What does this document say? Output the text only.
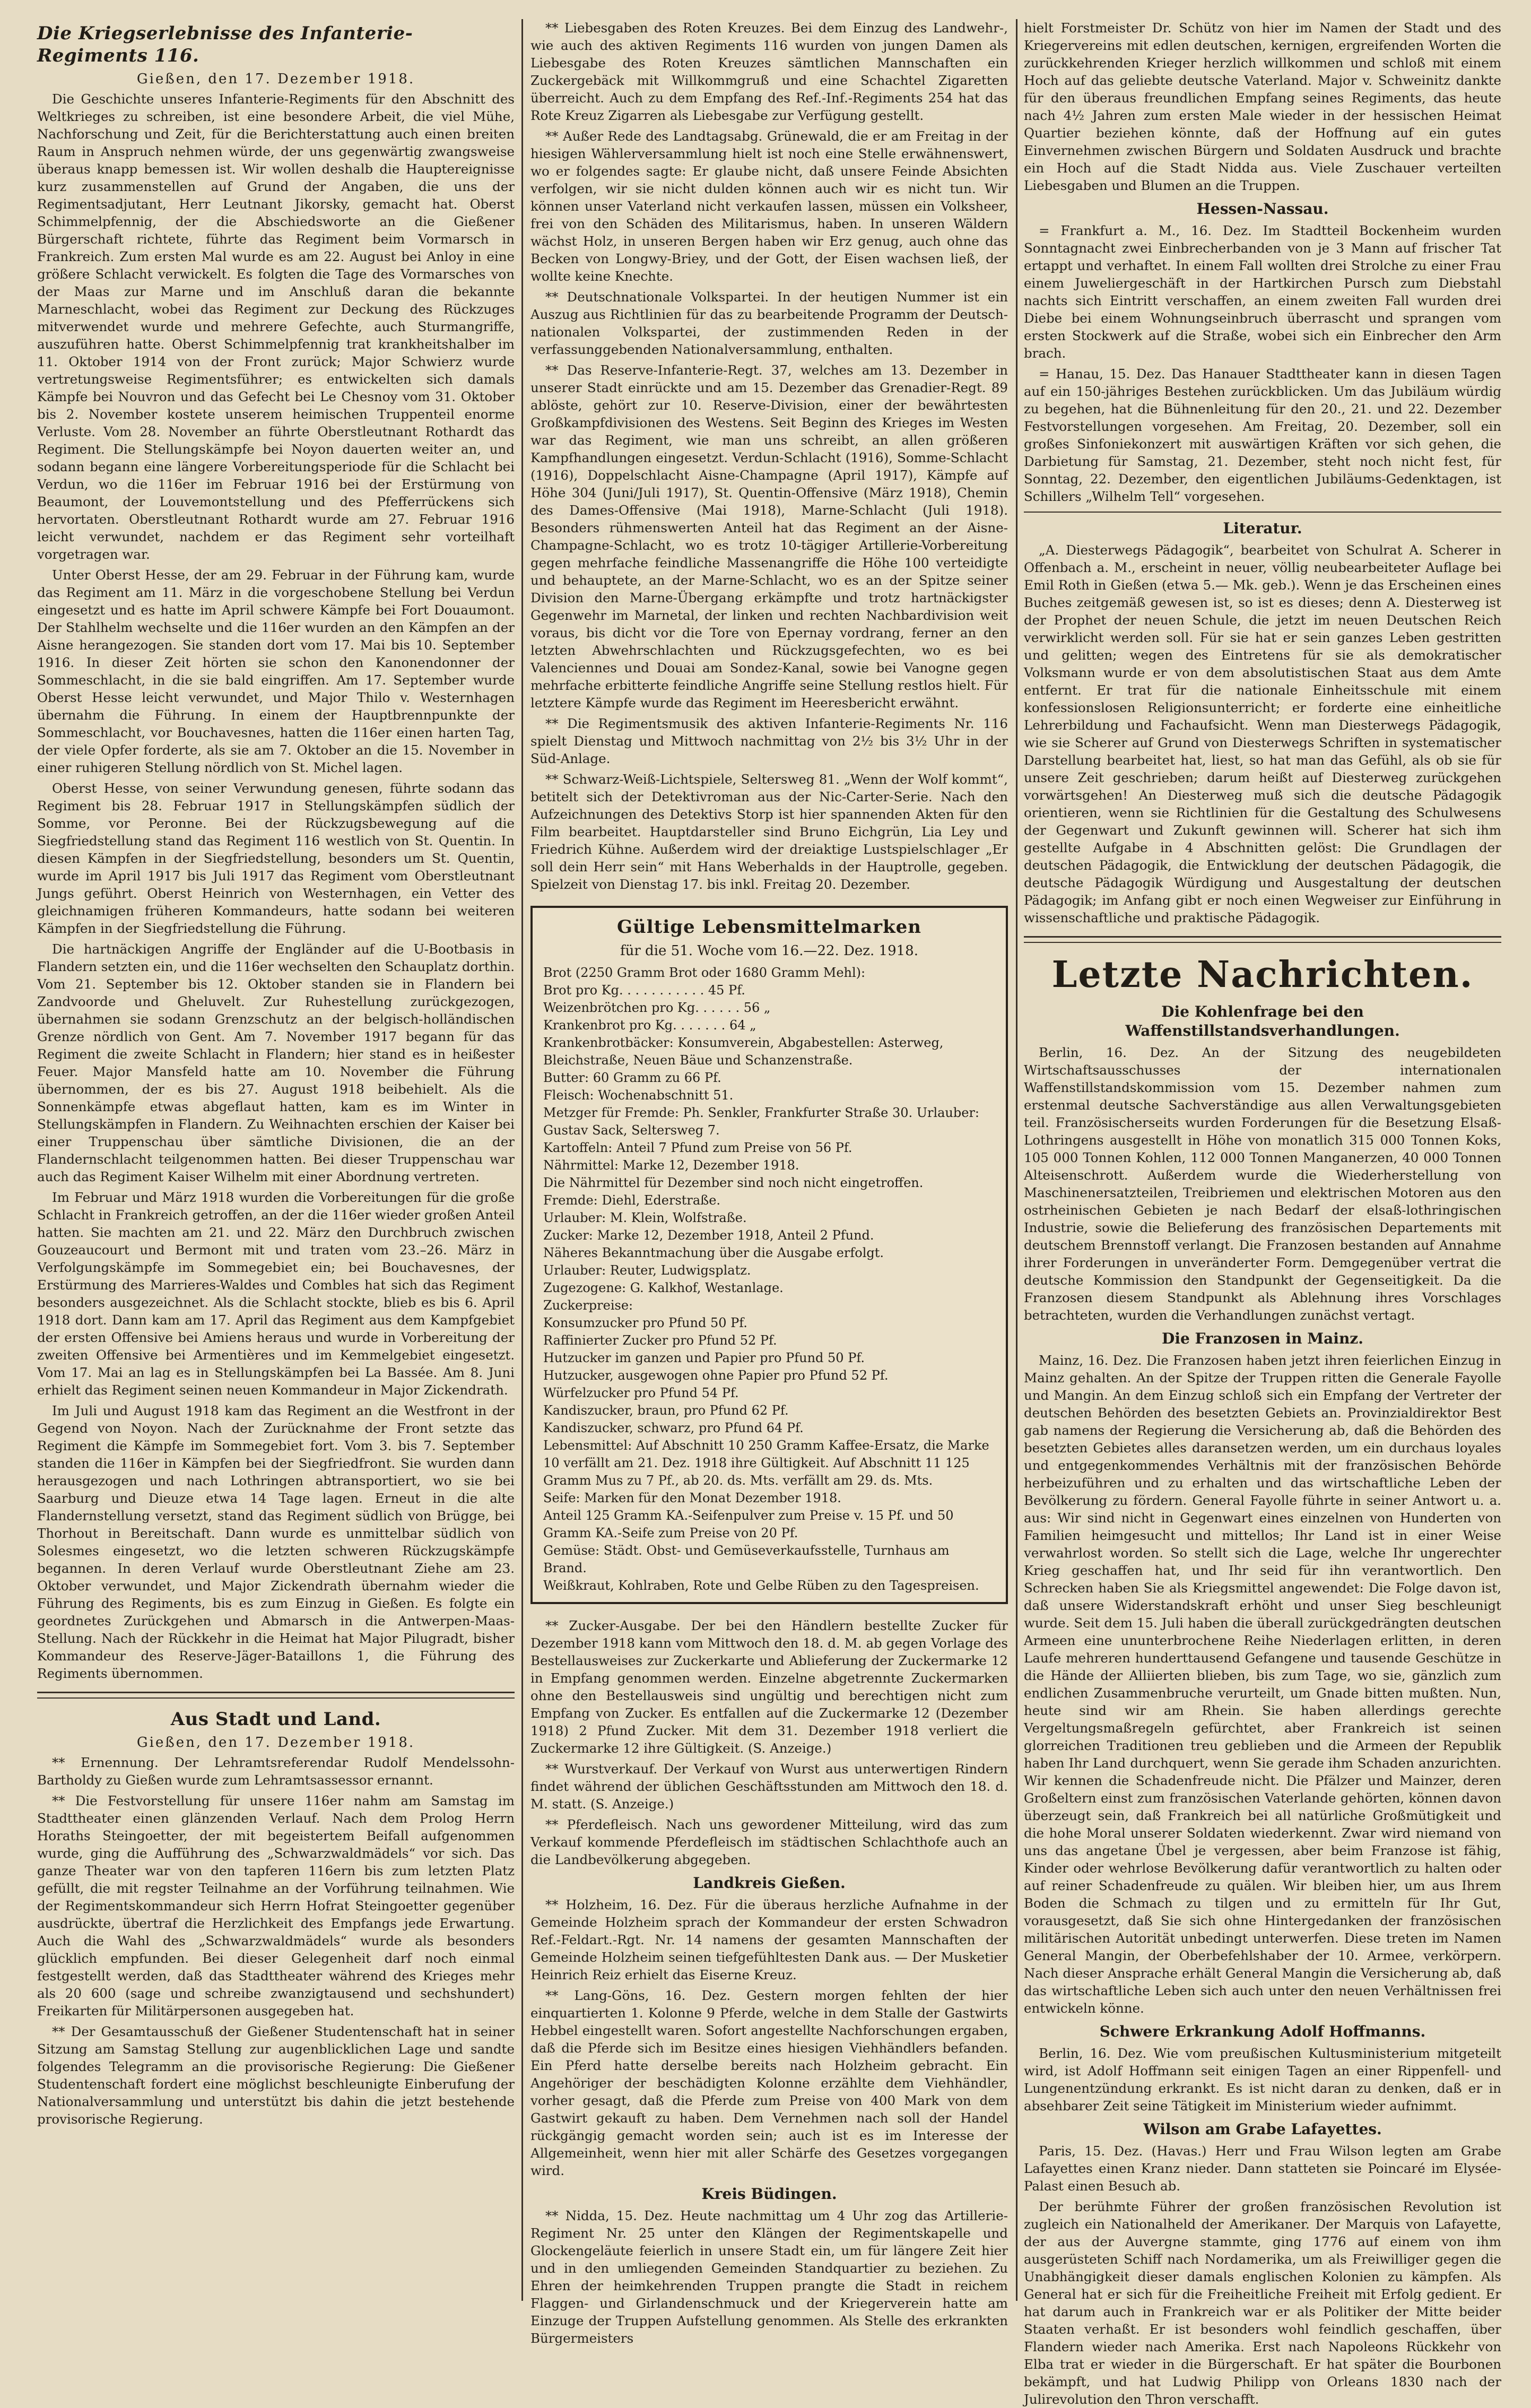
Die Kriegserlebnisse des Infanterie-Regiments 116.
Gießen, den 17. Dezember 1918.

Die Geschichte unseres Infanterie-Regiments für den Abschnitt des Weltkrieges zu schreiben, ist eine besondere Arbeit, die viel Mühe, Nachforschung und Zeit, für die Berichterstattung auch einen breiten Raum in Anspruch nehmen würde, der uns gegenwärtig zwangsweise überaus knapp bemessen ist. Wir wollen deshalb die Hauptereignisse kurz zusammenstellen auf Grund der Angaben, die uns der Regimentsadjutant, Herr Leutnant Jikorsky, gemacht hat. Oberst Schimmelpfennig, der die Abschiedsworte an die Gießener Bürgerschaft richtete, führte das Regiment beim Vormarsch in Frankreich. Zum ersten Mal wurde es am 22. August bei Anloy in eine größere Schlacht verwickelt. Es folgten die Tage des Vormarsches von der Maas zur Marne und im Anschluß daran die bekannte Marneschlacht, wobei das Regiment zur Deckung des Rückzuges mitverwendet wurde und mehrere Gefechte, auch Sturmangriffe, auszuführen hatte. Oberst Schimmelpfennig trat krankheitshalber im 11. Oktober 1914 von der Front zurück; Major Schwierz wurde vertretungsweise Regimentsführer; es entwickelten sich damals Kämpfe bei Nouvron und das Gefecht bei Le Chesnoy vom 31. Oktober bis 2. November kostete unserem heimischen Truppenteil enorme Verluste. Vom 28. November an führte Oberstleutnant Rothardt das Regiment. Die Stellungskämpfe bei Noyon dauerten weiter an, und sodann begann eine längere Vorbereitungsperiode für die Schlacht bei Verdun, wo die 116er im Februar 1916 bei der Erstürmung von Beaumont, der Louvemontstellung und des Pfefferrückens sich hervortaten. Oberstleutnant Rothardt wurde am 27. Februar 1916 leicht verwundet, nachdem er das Regiment sehr vorteilhaft vorgetragen war.

Unter Oberst Hesse, der am 29. Februar in der Führung kam, wurde das Regiment am 11. März in die vorgeschobene Stellung bei Verdun eingesetzt und es hatte im April schwere Kämpfe bei Fort Douaumont. Der Stahlhelm wechselte und die 116er wurden an den Kämpfen an der Aisne herangezogen. Sie standen dort vom 17. Mai bis 10. September 1916. In dieser Zeit hörten sie schon den Kanonendonner der Sommeschlacht, in die sie bald eingriffen. Am 17. September wurde Oberst Hesse leicht verwundet, und Major Thilo v. Westernhagen übernahm die Führung. In einem der Hauptbrennpunkte der Sommeschlacht, vor Bouchavesnes, hatten die 116er einen harten Tag, der viele Opfer forderte, als sie am 7. Oktober an die 15. November in einer ruhigeren Stellung nördlich von St. Michel lagen.

Oberst Hesse, von seiner Verwundung genesen, führte sodann das Regiment bis 28. Februar 1917 in Stellungskämpfen südlich der Somme, vor Peronne. Bei der Rückzugsbewegung auf die Siegfriedstellung stand das Regiment 116 westlich von St. Quentin. In diesen Kämpfen in der Siegfriedstellung, besonders um St. Quentin, wurde im April 1917 bis Juli 1917 das Regiment vom Oberstleutnant Jungs geführt. Oberst Heinrich von Westernhagen, ein Vetter des gleichnamigen früheren Kommandeurs, hatte sodann bei weiteren Kämpfen in der Siegfriedstellung die Führung.

Die hartnäckigen Angriffe der Engländer auf die U-Bootbasis in Flandern setzten ein, und die 116er wechselten den Schauplatz dorthin. Vom 21. September bis 12. Oktober standen sie in Flandern bei Zandvoorde und Gheluvelt. Zur Ruhestellung zurückgezogen, übernahmen sie sodann Grenzschutz an der belgisch-holländischen Grenze nördlich von Gent. Am 7. November 1917 begann für das Regiment die zweite Schlacht in Flandern; hier stand es in heißester Feuer. Major Mansfeld hatte am 10. November die Führung übernommen, der es bis 27. August 1918 beibehielt. Als die Sonnenkämpfe etwas abgeflaut hatten, kam es im Winter in Stellungskämpfen in Flandern. Zu Weihnachten erschien der Kaiser bei einer Truppenschau über sämtliche Divisionen, die an der Flandernschlacht teilgenommen hatten. Bei dieser Truppenschau war auch das Regiment Kaiser Wilhelm mit einer Abordnung vertreten.

Im Februar und März 1918 wurden die Vorbereitungen für die große Schlacht in Frankreich getroffen, an der die 116er wieder großen Anteil hatten. Sie machten am 21. und 22. März den Durchbruch zwischen Gouzeaucourt und Bermont mit und traten vom 23.–26. März in Verfolgungskämpfe im Sommegebiet ein; bei Bouchavesnes, der Erstürmung des Marrieres-Waldes und Combles hat sich das Regiment besonders ausgezeichnet. Als die Schlacht stockte, blieb es bis 6. April 1918 dort. Dann kam am 17. April das Regiment aus dem Kampfgebiet der ersten Offensive bei Amiens heraus und wurde in Vorbereitung der zweiten Offensive bei Armentières und im Kemmelgebiet eingesetzt. Vom 17. Mai an lag es in Stellungskämpfen bei La Bassée. Am 8. Juni erhielt das Regiment seinen neuen Kommandeur in Major Zickendrath.

Im Juli und August 1918 kam das Regiment an die Westfront in der Gegend von Noyon. Nach der Zurücknahme der Front setzte das Regiment die Kämpfe im Sommegebiet fort. Vom 3. bis 7. September standen die 116er in Kämpfen bei der Siegfriedfront. Sie wurden dann herausgezogen und nach Lothringen abtransportiert, wo sie bei Saarburg und Dieuze etwa 14 Tage lagen. Erneut in die alte Flandernstellung versetzt, stand das Regiment südlich von Brügge, bei Thorhout in Bereitschaft. Dann wurde es unmittelbar südlich von Solesmes eingesetzt, wo die letzten schweren Rückzugskämpfe begannen. In deren Verlauf wurde Oberstleutnant Ziehe am 23. Oktober verwundet, und Major Zickendrath übernahm wieder die Führung des Regiments, bis es zum Einzug in Gießen. Es folgte ein geordnetes Zurückgehen und Abmarsch in die Antwerpen-Maas-Stellung. Nach der Rückkehr in die Heimat hat Major Pilugradt, bisher Kommandeur des Reserve-Jäger-Bataillons 1, die Führung des Regiments übernommen.

Aus Stadt und Land.
Gießen, den 17. Dezember 1918.

** Ernennung. Der Lehramtsreferendar Rudolf Mendelssohn-Bartholdy zu Gießen wurde zum Lehramtsassessor ernannt.

** Die Festvorstellung für unsere 116er nahm am Samstag im Stadttheater einen glänzenden Verlauf. Nach dem Prolog Herrn Horaths Steingoetter, der mit begeistertem Beifall aufgenommen wurde, ging die Aufführung des „Schwarzwaldmädels“ vor sich. Das ganze Theater war von den tapferen 116ern bis zum letzten Platz gefüllt, die mit regster Teilnahme an der Vorführung teilnahmen. Wie der Regimentskommandeur sich Herrn Hofrat Steingoetter gegenüber ausdrückte, übertraf die Herzlichkeit des Empfangs jede Erwartung. Auch die Wahl des „Schwarzwaldmädels“ wurde als besonders glücklich empfunden. Bei dieser Gelegenheit darf noch einmal festgestellt werden, daß das Stadttheater während des Krieges mehr als 20 600 (sage und schreibe zwanzigtausend und sechshundert) Freikarten für Militärpersonen ausgegeben hat.

** Der Gesamtausschuß der Gießener Studentenschaft hat in seiner Sitzung am Samstag Stellung zur augenblicklichen Lage und sandte folgendes Telegramm an die provisorische Regierung: Die Gießener Studentenschaft fordert eine möglichst beschleunigte Einberufung der Nationalversammlung und unterstützt bis dahin die jetzt bestehende provisorische Regierung.

** Liebesgaben des Roten Kreuzes. Bei dem Einzug des Landwehr-, wie auch des aktiven Regiments 116 wurden von jungen Damen als Liebesgabe des Roten Kreuzes sämtlichen Mannschaften ein Zuckergebäck mit Willkommgruß und eine Schachtel Zigaretten überreicht. Auch zu dem Empfang des Ref.-Inf.-Regiments 254 hat das Rote Kreuz Zigarren als Liebesgabe zur Verfügung gestellt.

** Außer Rede des Landtagsabg. Grünewald, die er am Freitag in der hiesigen Wählerversammlung hielt ist noch eine Stelle erwähnenswert, wo er folgendes sagte: Er glaube nicht, daß unsere Feinde Absichten verfolgen, wir sie nicht dulden können auch wir es nicht tun. Wir können unser Vaterland nicht verkaufen lassen, müssen ein Volksheer, frei von den Schäden des Militarismus, haben. In unseren Wäldern wächst Holz, in unseren Bergen haben wir Erz genug, auch ohne das Becken von Longwy-Briey, und der Gott, der Eisen wachsen ließ, der wollte keine Knechte.

** Deutschnationale Volkspartei. In der heutigen Nummer ist ein Auszug aus Richtlinien für das zu bearbeitende Programm der Deutsch-nationalen Volkspartei, der zustimmenden Reden in der verfassunggebenden Nationalversammlung, enthalten.

** Das Reserve-Infanterie-Regt. 37, welches am 13. Dezember in unserer Stadt einrückte und am 15. Dezember das Grenadier-Regt. 89 ablöste, gehört zur 10. Reserve-Division, einer der bewährtesten Großkampfdivisionen des Westens. Seit Beginn des Krieges im Westen war das Regiment, wie man uns schreibt, an allen größeren Kampfhandlungen eingesetzt. Verdun-Schlacht (1916), Somme-Schlacht (1916), Doppelschlacht Aisne-Champagne (April 1917), Kämpfe auf Höhe 304 (Juni/Juli 1917), St. Quentin-Offensive (März 1918), Chemin des Dames-Offensive (Mai 1918), Marne-Schlacht (Juli 1918). Besonders rühmenswerten Anteil hat das Regiment an der Aisne-Champagne-Schlacht, wo es trotz 10-tägiger Artillerie-Vorbereitung gegen mehrfache feindliche Massenangriffe die Höhe 100 verteidigte und behauptete, an der Marne-Schlacht, wo es an der Spitze seiner Division den Marne-Übergang erkämpfte und trotz hartnäckigster Gegenwehr im Marnetal, der linken und rechten Nachbardivision weit voraus, bis dicht vor die Tore von Epernay vordrang, ferner an den letzten Abwehrschlachten und Rückzugsgefechten, wo es bei Valenciennes und Douai am Sondez-Kanal, sowie bei Vanogne gegen mehrfache erbitterte feindliche Angriffe seine Stellung restlos hielt. Für letztere Kämpfe wurde das Regiment im Heeresbericht erwähnt.

** Die Regimentsmusik des aktiven Infanterie-Regiments Nr. 116 spielt Dienstag und Mittwoch nachmittag von 2½ bis 3½ Uhr in der Süd-Anlage.

** Schwarz-Weiß-Lichtspiele, Seltersweg 81. „Wenn der Wolf kommt“, betitelt sich der Detektivroman aus der Nic-Carter-Serie. Nach den Aufzeichnungen des Detektivs Storp ist hier spannenden Akten für den Film bearbeitet. Hauptdarsteller sind Bruno Eichgrün, Lia Ley und Friedrich Kühne. Außerdem wird der dreiaktige Lustspielschlager „Er soll dein Herr sein“ mit Hans Weberhalds in der Hauptrolle, gegeben. Spielzeit von Dienstag 17. bis inkl. Freitag 20. Dezember.

Gültige Lebensmittelmarken
für die 51. Woche vom 16.—22. Dez. 1918.
Brot (2250 Gramm Brot oder 1680 Gramm Mehl):
Brot pro Kg. . . . . . . . . . . 45 Pf.
Weizenbrötchen pro Kg. . . . . . 56 „
Krankenbrot pro Kg. . . . . . . 64 „
Krankenbrotbäcker: Konsumverein, Abgabestellen: Asterweg, Bleichstraße, Neuen Bäue und Schanzenstraße.
Butter: 60 Gramm zu 66 Pf.
Fleisch: Wochenabschnitt 51.
Metzger für Fremde: Ph. Senkler, Frankfurter Straße 30. Urlauber: Gustav Sack, Seltersweg 7.
Kartoffeln: Anteil 7 Pfund zum Preise von 56 Pf.
Nährmittel: Marke 12, Dezember 1918.
Die Nährmittel für Dezember sind noch nicht eingetroffen.
Fremde: Diehl, Ederstraße.
Urlauber: M. Klein, Wolfstraße.
Zucker: Marke 12, Dezember 1918, Anteil 2 Pfund.
Näheres Bekanntmachung über die Ausgabe erfolgt.
Urlauber: Reuter, Ludwigsplatz.
Zugezogene: G. Kalkhof, Westanlage.
Zuckerpreise:
Konsumzucker pro Pfund 50 Pf.
Raffinierter Zucker pro Pfund 52 Pf.
Hutzucker im ganzen und Papier pro Pfund 50 Pf.
Hutzucker, ausgewogen ohne Papier pro Pfund 52 Pf.
Würfelzucker pro Pfund 54 Pf.
Kandiszucker, braun, pro Pfund 62 Pf.
Kandiszucker, schwarz, pro Pfund 64 Pf.
Lebensmittel: Auf Abschnitt 10 250 Gramm Kaffee-Ersatz, die Marke 10 verfällt am 21. Dez. 1918 ihre Gültigkeit. Auf Abschnitt 11 125 Gramm Mus zu 7 Pf., ab 20. ds. Mts. verfällt am 29. ds. Mts.
Seife: Marken für den Monat Dezember 1918.
Anteil 125 Gramm KA.-Seifenpulver zum Preise v. 15 Pf. und 50 Gramm KA.-Seife zum Preise von 20 Pf.
Gemüse: Städt. Obst- und Gemüseverkaufsstelle, Turnhaus am Brand.
Weißkraut, Kohlraben, Rote und Gelbe Rüben zu den Tagespreisen.

** Zucker-Ausgabe. Der bei den Händlern bestellte Zucker für Dezember 1918 kann vom Mittwoch den 18. d. M. ab gegen Vorlage des Bestellausweises zur Zuckerkarte und Ablieferung der Zuckermarke 12 in Empfang genommen werden. Einzelne abgetrennte Zuckermarken ohne den Bestellausweis sind ungültig und berechtigen nicht zum Empfang von Zucker. Es entfallen auf die Zuckermarke 12 (Dezember 1918) 2 Pfund Zucker. Mit dem 31. Dezember 1918 verliert die Zuckermarke 12 ihre Gültigkeit. (S. Anzeige.)

** Wurstverkauf. Der Verkauf von Wurst aus unterwertigen Rindern findet während der üblichen Geschäftsstunden am Mittwoch den 18. d. M. statt. (S. Anzeige.)

** Pferdefleisch. Nach uns gewordener Mitteilung, wird das zum Verkauf kommende Pferdefleisch im städtischen Schlachthofe auch an die Landbevölkerung abgegeben.

Landkreis Gießen.

** Holzheim, 16. Dez. Für die überaus herzliche Aufnahme in der Gemeinde Holzheim sprach der Kommandeur der ersten Schwadron Ref.-Feldart.-Rgt. Nr. 14 namens der gesamten Mannschaften der Gemeinde Holzheim seinen tiefgefühltesten Dank aus. — Der Musketier Heinrich Reiz erhielt das Eiserne Kreuz.

** Lang-Göns, 16. Dez. Gestern morgen fehlten der hier einquartierten 1. Kolonne 9 Pferde, welche in dem Stalle der Gastwirts Hebbel eingestellt waren. Sofort angestellte Nachforschungen ergaben, daß die Pferde sich im Besitze eines hiesigen Viehhändlers befanden. Ein Pferd hatte derselbe bereits nach Holzheim gebracht. Ein Angehöriger der beschädigten Kolonne erzählte dem Viehhändler, vorher gesagt, daß die Pferde zum Preise von 400 Mark von dem Gastwirt gekauft zu haben. Dem Vernehmen nach soll der Handel rückgängig gemacht worden sein; auch ist es im Interesse der Allgemeinheit, wenn hier mit aller Schärfe des Gesetzes vorgegangen wird.

Kreis Büdingen.

** Nidda, 15. Dez. Heute nachmittag um 4 Uhr zog das Artillerie-Regiment Nr. 25 unter den Klängen der Regimentskapelle und Glockengeläute feierlich in unsere Stadt ein, um für längere Zeit hier und in den umliegenden Gemeinden Standquartier zu beziehen. Zu Ehren der heimkehrenden Truppen prangte die Stadt in reichem Flaggen- und Girlandenschmuck und der Kriegerverein hatte am Einzuge der Truppen Aufstellung genommen. Als Stelle des erkrankten Bürgermeisters

hielt Forstmeister Dr. Schütz von hier im Namen der Stadt und des Kriegervereins mit edlen deutschen, kernigen, ergreifenden Worten die zurückkehrenden Krieger herzlich willkommen und schloß mit einem Hoch auf das geliebte deutsche Vaterland. Major v. Schweinitz dankte für den überaus freundlichen Empfang seines Regiments, das heute nach 4½ Jahren zum ersten Male wieder in der hessischen Heimat Quartier beziehen könnte, daß der Hoffnung auf ein gutes Einvernehmen zwischen Bürgern und Soldaten Ausdruck und brachte ein Hoch auf die Stadt Nidda aus. Viele Zuschauer verteilten Liebesgaben und Blumen an die Truppen.

Hessen-Nassau.

= Frankfurt a. M., 16. Dez. Im Stadtteil Bockenheim wurden Sonntagnacht zwei Einbrecherbanden von je 3 Mann auf frischer Tat ertappt und verhaftet. In einem Fall wollten drei Strolche zu einer Frau einem Juweliergeschäft in der Hartkirchen Pursch zum Diebstahl nachts sich Eintritt verschaffen, an einem zweiten Fall wurden drei Diebe bei einem Wohnungseinbruch überrascht und sprangen vom ersten Stockwerk auf die Straße, wobei sich ein Einbrecher den Arm brach.

= Hanau, 15. Dez. Das Hanauer Stadttheater kann in diesen Tagen auf ein 150-jähriges Bestehen zurückblicken. Um das Jubiläum würdig zu begehen, hat die Bühnenleitung für den 20., 21. und 22. Dezember Festvorstellungen vorgesehen. Am Freitag, 20. Dezember, soll ein großes Sinfoniekonzert mit auswärtigen Kräften vor sich gehen, die Darbietung für Samstag, 21. Dezember, steht noch nicht fest, für Sonntag, 22. Dezember, den eigentlichen Jubiläums-Gedenktagen, ist Schillers „Wilhelm Tell“ vorgesehen.

Literatur.

„A. Diesterwegs Pädagogik“, bearbeitet von Schulrat A. Scherer in Offenbach a. M., erscheint in neuer, völlig neubearbeiteter Auflage bei Emil Roth in Gießen (etwa 5.— Mk. geb.). Wenn je das Erscheinen eines Buches zeitgemäß gewesen ist, so ist es dieses; denn A. Diesterweg ist der Prophet der neuen Schule, die jetzt im neuen Deutschen Reich verwirklicht werden soll. Für sie hat er sein ganzes Leben gestritten und gelitten; wegen des Eintretens für sie als demokratischer Volksmann wurde er von dem absolutistischen Staat aus dem Amte entfernt. Er trat für die nationale Einheitsschule mit einem konfessionslosen Religionsunterricht; er forderte eine einheitliche Lehrerbildung und Fachaufsicht. Wenn man Diesterwegs Pädagogik, wie sie Scherer auf Grund von Diesterwegs Schriften in systematischer Darstellung bearbeitet hat, liest, so hat man das Gefühl, als ob sie für unsere Zeit geschrieben; darum heißt auf Diesterweg zurückgehen vorwärtsgehen! An Diesterweg muß sich die deutsche Pädagogik orientieren, wenn sie Richtlinien für die Gestaltung des Schulwesens der Gegenwart und Zukunft gewinnen will. Scherer hat sich ihm gestellte Aufgabe in 4 Abschnitten gelöst: Die Grundlagen der deutschen Pädagogik, die Entwicklung der deutschen Pädagogik, die deutsche Pädagogik Würdigung und Ausgestaltung der deutschen Pädagogik; im Anfang gibt er noch einen Wegweiser zur Einführung in wissenschaftliche und praktische Pädagogik.

Letzte Nachrichten.
Die Kohlenfrage bei den Waffenstillstandsverhandlungen.

Berlin, 16. Dez. An der Sitzung des neugebildeten Wirtschaftsausschusses der internationalen Waffenstillstandskommission vom 15. Dezember nahmen zum erstenmal deutsche Sachverständige aus allen Verwaltungsgebieten teil. Französischerseits wurden Forderungen für die Besetzung Elsaß-Lothringens ausgestellt in Höhe von monatlich 315 000 Tonnen Koks, 105 000 Tonnen Kohlen, 112 000 Tonnen Manganerzen, 40 000 Tonnen Alteisenschrott. Außerdem wurde die Wiederherstellung von Maschinenersatzteilen, Treibriemen und elektrischen Motoren aus den ostrheinischen Gebieten je nach Bedarf der elsaß-lothringischen Industrie, sowie die Belieferung des französischen Departements mit deutschem Brennstoff verlangt. Die Franzosen bestanden auf Annahme ihrer Forderungen in unveränderter Form. Demgegenüber vertrat die deutsche Kommission den Standpunkt der Gegenseitigkeit. Da die Franzosen diesem Standpunkt als Ablehnung ihres Vorschlages betrachteten, wurden die Verhandlungen zunächst vertagt.

Die Franzosen in Mainz.

Mainz, 16. Dez. Die Franzosen haben jetzt ihren feierlichen Einzug in Mainz gehalten. An der Spitze der Truppen ritten die Generale Fayolle und Mangin. An dem Einzug schloß sich ein Empfang der Vertreter der deutschen Behörden des besetzten Gebiets an. Provinzialdirektor Best gab namens der Regierung die Versicherung ab, daß die Behörden des besetzten Gebietes alles daransetzen werden, um ein durchaus loyales und entgegenkommendes Verhältnis mit der französischen Behörde herbeizuführen und zu erhalten und das wirtschaftliche Leben der Bevölkerung zu fördern. General Fayolle führte in seiner Antwort u. a. aus: Wir sind nicht in Gegenwart eines einzelnen von Hunderten von Familien heimgesucht und mittellos; Ihr Land ist in einer Weise verwahrlost worden. So stellt sich die Lage, welche Ihr ungerechter Krieg geschaffen hat, und Ihr seid für ihn verantwortlich. Den Schrecken haben Sie als Kriegsmittel angewendet: Die Folge davon ist, daß unsere Widerstandskraft erhöht und unser Sieg beschleunigt wurde. Seit dem 15. Juli haben die überall zurückgedrängten deutschen Armeen eine ununterbrochene Reihe Niederlagen erlitten, in deren Laufe mehreren hunderttausend Gefangene und tausende Geschütze in die Hände der Alliierten blieben, bis zum Tage, wo sie, gänzlich zum endlichen Zusammenbruche verurteilt, um Gnade bitten mußten. Nun, heute sind wir am Rhein. Sie haben allerdings gerechte Vergeltungsmaßregeln gefürchtet, aber Frankreich ist seinen glorreichen Traditionen treu geblieben und die Armeen der Republik haben Ihr Land durchquert, wenn Sie gerade ihm Schaden anzurichten. Wir kennen die Schadenfreude nicht. Die Pfälzer und Mainzer, deren Großeltern einst zum französischen Vaterlande gehörten, können davon überzeugt sein, daß Frankreich bei all natürliche Großmütigkeit und die hohe Moral unserer Soldaten wiederkennt. Zwar wird niemand von uns das angetane Übel je vergessen, aber beim Franzose ist fähig, Kinder oder wehrlose Bevölkerung dafür verantwortlich zu halten oder auf reiner Schadenfreude zu quälen. Wir bleiben hier, um aus Ihrem Boden die Schmach zu tilgen und zu ermitteln für Ihr Gut, vorausgesetzt, daß Sie sich ohne Hintergedanken der französischen militärischen Autorität unbedingt unterwerfen. Diese treten im Namen General Mangin, der Oberbefehlshaber der 10. Armee, verkörpern. Nach dieser Ansprache erhält General Mangin die Versicherung ab, daß das wirtschaftliche Leben sich auch unter den neuen Verhältnissen frei entwickeln könne.

Schwere Erkrankung Adolf Hoffmanns.

Berlin, 16. Dez. Wie vom preußischen Kultusministerium mitgeteilt wird, ist Adolf Hoffmann seit einigen Tagen an einer Rippenfell- und Lungenentzündung erkrankt. Es ist nicht daran zu denken, daß er in absehbarer Zeit seine Tätigkeit im Ministerium wieder aufnimmt.

Wilson am Grabe Lafayettes.

Paris, 15. Dez. (Havas.) Herr und Frau Wilson legten am Grabe Lafayettes einen Kranz nieder. Dann statteten sie Poincaré im Elysée-Palast einen Besuch ab.

Der berühmte Führer der großen französischen Revolution ist zugleich ein Nationalheld der Amerikaner. Der Marquis von Lafayette, der aus der Auvergne stammte, ging 1776 auf einem von ihm ausgerüsteten Schiff nach Nordamerika, um als Freiwilliger gegen die Unabhängigkeit dieser damals englischen Kolonien zu kämpfen. Als General hat er sich für die Freiheitliche Freiheit mit Erfolg gedient. Er hat darum auch in Frankreich war er als Politiker der Mitte beider Staaten verhaßt. Er ist besonders wohl feindlich geschaffen, über Flandern wieder nach Amerika. Erst nach Napoleons Rückkehr von Elba trat er wieder in die Bürgerschaft. Er hat später die Bourbonen bekämpft, und hat Ludwig Philipp von Orleans 1830 nach der Julirevolution den Thron verschafft.
